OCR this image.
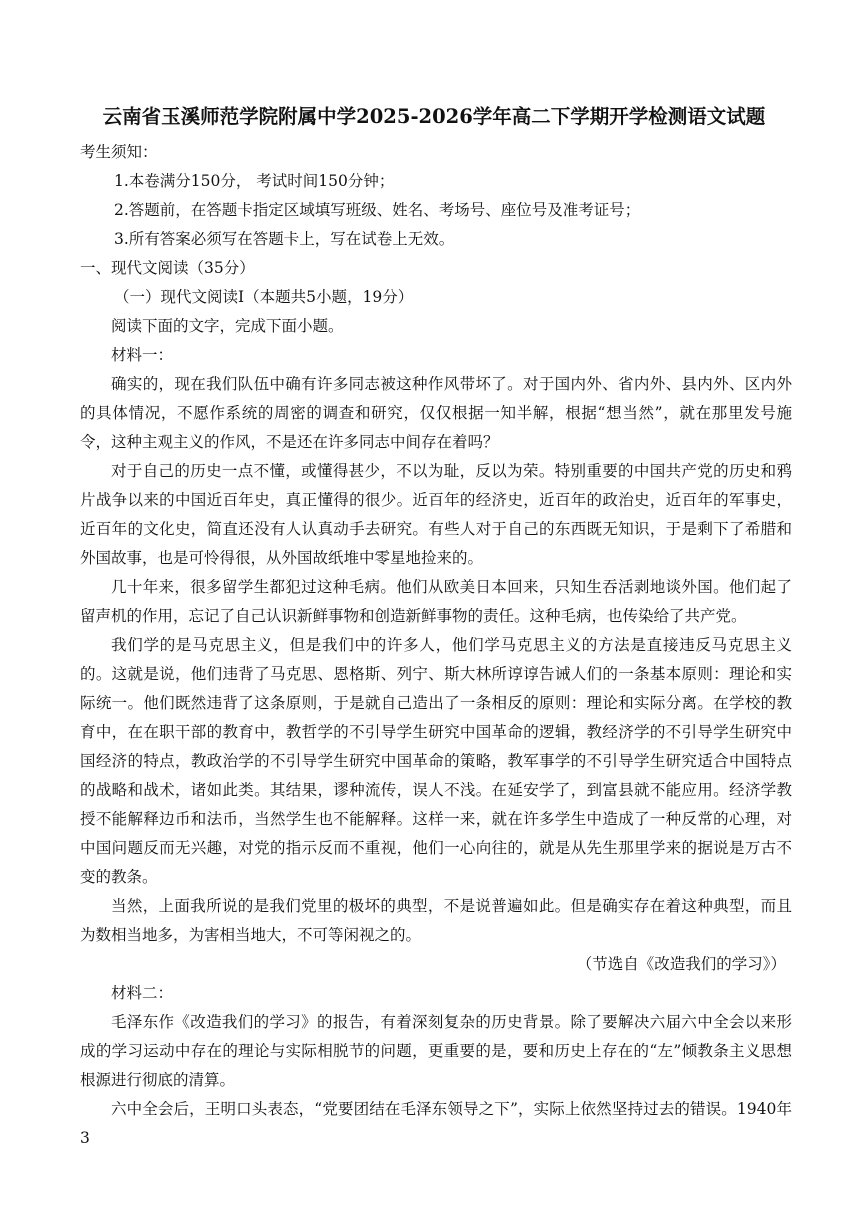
云南省玉溪师范学院附属中学2025-2026学年高二下学期开学检测语文试题

考生须知：

1.本卷满分150分， 考试时间150分钟；

2.答题前，在答题卡指定区域填写班级、姓名、考场号、座位号及准考证号；

3.所有答案必须写在答题卡上，写在试卷上无效。

一、现代文阅读（35分）

（一）现代文阅读Ⅰ（本题共5小题，19分）

阅读下面的文字，完成下面小题。

材料一：

确实的，现在我们队伍中确有许多同志被这种作风带坏了。对于国内外、省内外、县内外、区内外的具体情况，不愿作系统的周密的调查和研究，仅仅根据一知半解，根据“想当然”，就在那里发号施令，这种主观主义的作风，不是还在许多同志中间存在着吗？

对于自己的历史一点不懂，或懂得甚少，不以为耻，反以为荣。特别重要的中国共产党的历史和鸦片战争以来的中国近百年史，真正懂得的很少。近百年的经济史，近百年的政治史，近百年的军事史，近百年的文化史，简直还没有人认真动手去研究。有些人对于自己的东西既无知识，于是剩下了希腊和外国故事，也是可怜得很，从外国故纸堆中零星地捡来的。

几十年来，很多留学生都犯过这种毛病。他们从欧美日本回来，只知生吞活剥地谈外国。他们起了留声机的作用，忘记了自己认识新鲜事物和创造新鲜事物的责任。这种毛病，也传染给了共产党。

我们学的是马克思主义，但是我们中的许多人，他们学马克思主义的方法是直接违反马克思主义的。这就是说，他们违背了马克思、恩格斯、列宁、斯大林所谆谆告诫人们的一条基本原则：理论和实际统一。他们既然违背了这条原则，于是就自己造出了一条相反的原则：理论和实际分离。在学校的教育中，在在职干部的教育中，教哲学的不引导学生研究中国革命的逻辑，教经济学的不引导学生研究中国经济的特点，教政治学的不引导学生研究中国革命的策略，教军事学的不引导学生研究适合中国特点的战略和战术，诸如此类。其结果，谬种流传，误人不浅。在延安学了，到富县就不能应用。经济学教授不能解释边币和法币，当然学生也不能解释。这样一来，就在许多学生中造成了一种反常的心理，对中国问题反而无兴趣，对党的指示反而不重视，他们一心向往的，就是从先生那里学来的据说是万古不变的教条。

当然，上面我所说的是我们党里的极坏的典型，不是说普遍如此。但是确实存在着这种典型，而且为数相当地多，为害相当地大，不可等闲视之的。

（节选自《改造我们的学习》）

材料二：

毛泽东作《改造我们的学习》的报告，有着深刻复杂的历史背景。除了要解决六届六中全会以来形成的学习运动中存在的理论与实际相脱节的问题，更重要的是，要和历史上存在的“左”倾教条主义思想根源进行彻底的清算。

六中全会后，王明口头表态，“党要团结在毛泽东领导之下”，实际上依然坚持过去的错误。1940年3
